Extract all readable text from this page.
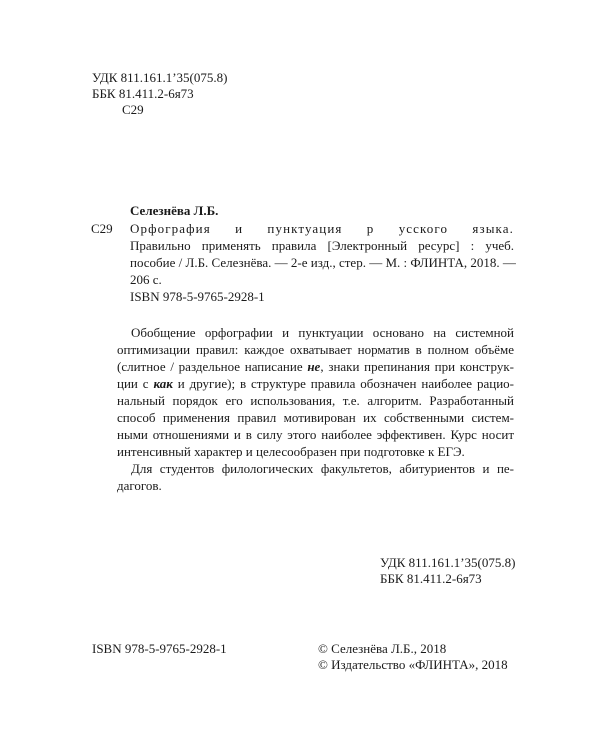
УДК 811.161.1’35(075.8)
ББК 81.411.2-6я73
С29
Селезнёва Л.Б.
С29 Орфография и пунктуация р усского языка.
Правильно применять правила [Электронный ресурс] : учеб.
пособие / Л.Б. Селезнёва. — 2-е изд., стер. — М. : ФЛИНТА, 2018. —
206 с.
ISBN 978-5-9765-2928-1
Обобщение орфографии и пунктуации основано на системной
оптимизации правил: каждое охватывает норматив в полном объёме
(слитное / раздельное написание не, знаки препинания при конструк-
ции с как и другие); в структуре правила обозначен наиболее рацио-
нальный порядок его использования, т.е. алгоритм. Разработанный
способ применения правил мотивирован их собственными систем-
ными отношениями и в силу этого наиболее эффективен. Курс носит
интенсивный характер и целесообразен при подготовке к ЕГЭ.
Для студентов филологических факультетов, абитуриентов и пе-
дагогов.
УДК 811.161.1’35(075.8)
ББК 81.411.2-6я73
ISBN 978-5-9765-2928-1	© Селезнёва Л.Б., 2018
© Издательство «ФЛИНТА», 2018
